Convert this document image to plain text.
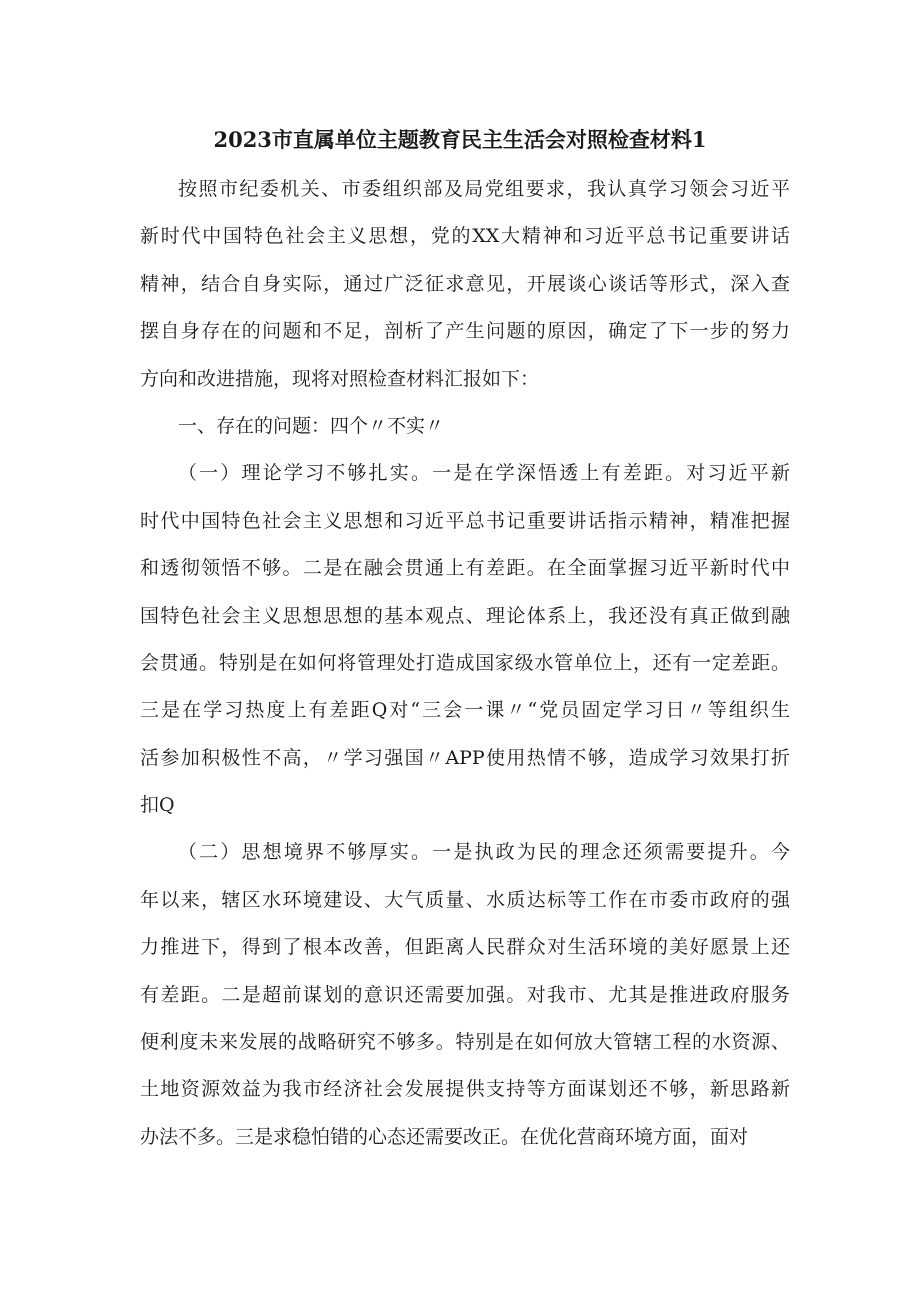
2023市直属单位主题教育民主生活会对照检查材料1
按照市纪委机关、市委组织部及局党组要求，我认真学习领会习近平
新时代中国特色社会主义思想，党的XX大精神和习近平总书记重要讲话
精神，结合自身实际，通过广泛征求意见，开展谈心谈话等形式，深入查
摆自身存在的问题和不足，剖析了产生问题的原因，确定了下一步的努力
方向和改进措施，现将对照检查材料汇报如下：
一、存在的问题：四个〃不实〃
（一）理论学习不够扎实。一是在学深悟透上有差距。对习近平新
时代中国特色社会主义思想和习近平总书记重要讲话指示精神，精准把握
和透彻领悟不够。二是在融会贯通上有差距。在全面掌握习近平新时代中
国特色社会主义思想思想的基本观点、理论体系上，我还没有真正做到融
会贯通。特别是在如何将管理处打造成国家级水管单位上，还有一定差距。
三是在学习热度上有差距Q对“三会一课〃“党员固定学习日〃等组织生
活参加积极性不高，〃学习强国〃APP使用热情不够，造成学习效果打折
扣Q
（二）思想境界不够厚实。一是执政为民的理念还须需要提升。今
年以来，辖区水环境建设、大气质量、水质达标等工作在市委市政府的强
力推进下，得到了根本改善，但距离人民群众对生活环境的美好愿景上还
有差距。二是超前谋划的意识还需要加强。对我市、尤其是推进政府服务
便利度未来发展的战略研究不够多。特别是在如何放大管辖工程的水资源、
土地资源效益为我市经济社会发展提供支持等方面谋划还不够，新思路新
办法不多。三是求稳怕错的心态还需要改正。在优化营商环境方面，面对
